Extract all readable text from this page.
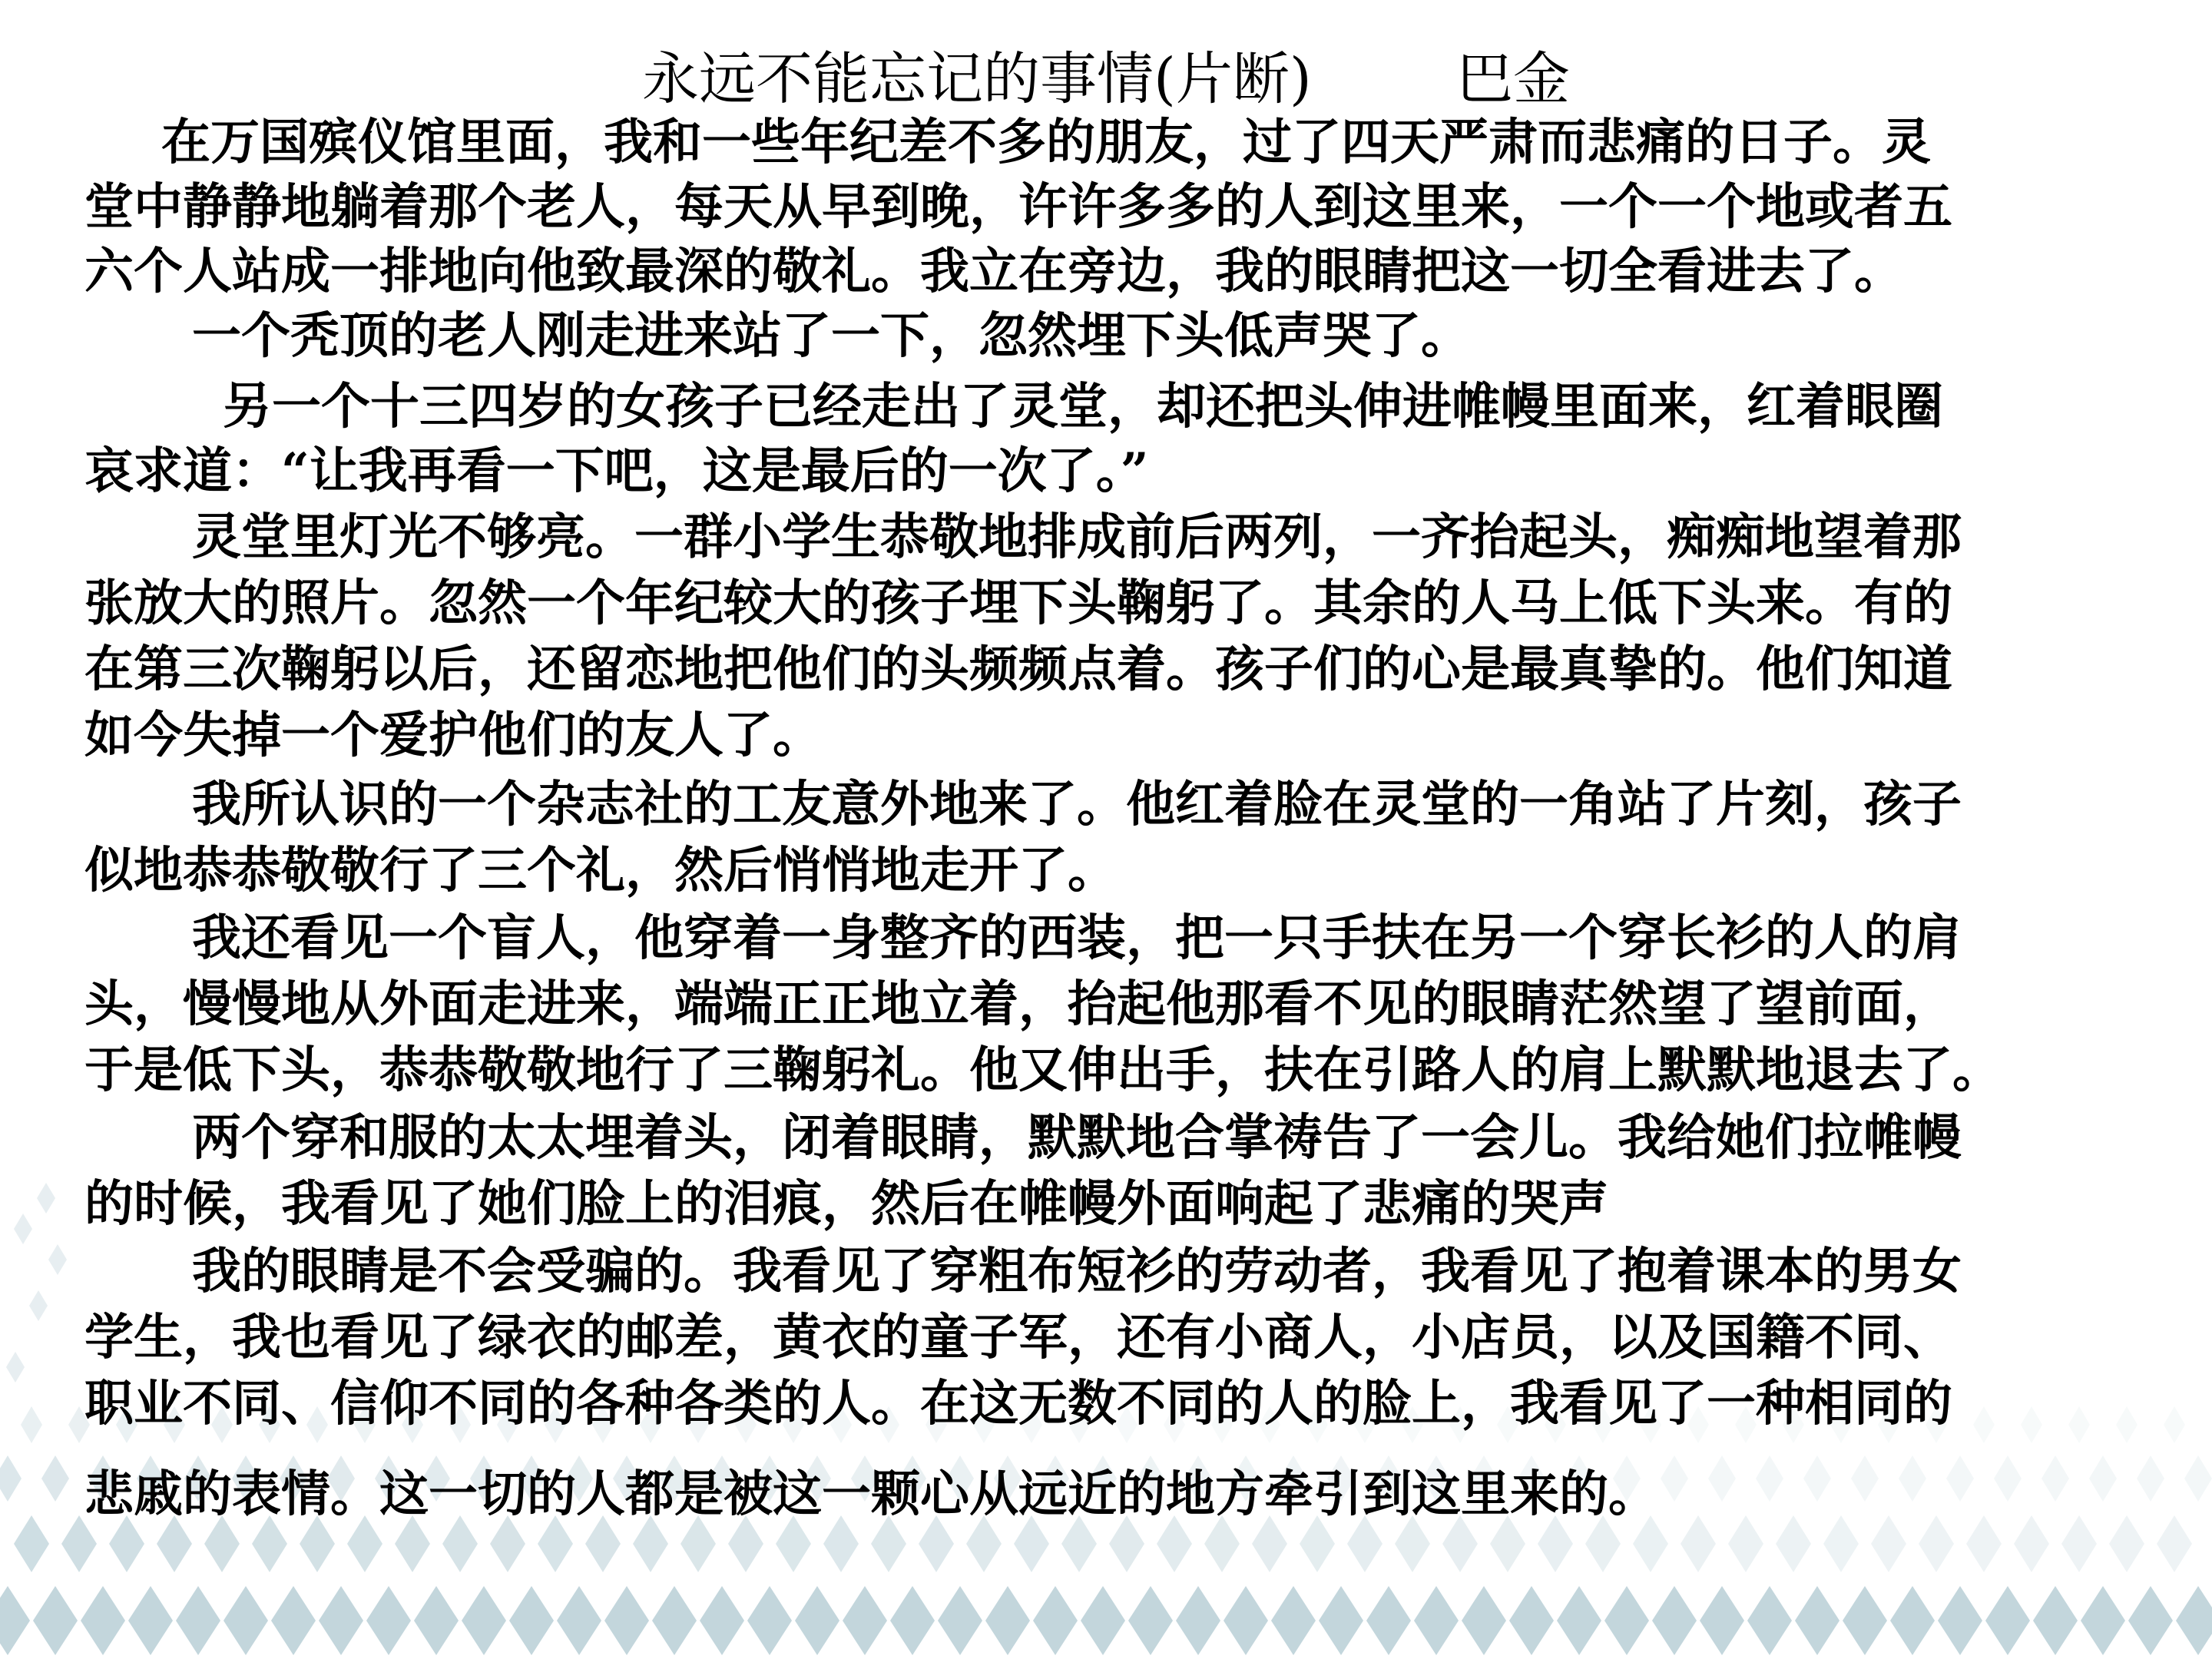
永远不能忘记的事情(片断)        巴金
在万国殡仪馆里面，我和一些年纪差不多的朋友，过了四天严肃而悲痛的日子。灵
堂中静静地躺着那个老人，每天从早到晚，许许多多的人到这里来，一个一个地或者五
六个人站成一排地向他致最深的敬礼。我立在旁边，我的眼睛把这一切全看进去了。
一个秃顶的老人刚走进来站了一下，忽然埋下头低声哭了。
另一个十三四岁的女孩子已经走出了灵堂，却还把头伸进帷幔里面来，红着眼圈
哀求道：“让我再看一下吧，这是最后的一次了。”
灵堂里灯光不够亮。一群小学生恭敬地排成前后两列，一齐抬起头，痴痴地望着那
张放大的照片。忽然一个年纪较大的孩子埋下头鞠躬了。其余的人马上低下头来。有的
在第三次鞠躬以后，还留恋地把他们的头频频点着。孩子们的心是最真挚的。他们知道
如今失掉一个爱护他们的友人了。
我所认识的一个杂志社的工友意外地来了。他红着脸在灵堂的一角站了片刻，孩子
似地恭恭敬敬行了三个礼，然后悄悄地走开了。
我还看见一个盲人，他穿着一身整齐的西装，把一只手扶在另一个穿长衫的人的肩
头，慢慢地从外面走进来，端端正正地立着，抬起他那看不见的眼睛茫然望了望前面，
于是低下头，恭恭敬敬地行了三鞠躬礼。他又伸出手，扶在引路人的肩上默默地退去了。
两个穿和服的太太埋着头，闭着眼睛，默默地合掌祷告了一会儿。我给她们拉帷幔
的时候，我看见了她们脸上的泪痕，然后在帷幔外面响起了悲痛的哭声
我的眼睛是不会受骗的。我看见了穿粗布短衫的劳动者，我看见了抱着课本的男女
学生，我也看见了绿衣的邮差，黄衣的童子军，还有小商人，小店员，以及国籍不同、
职业不同、信仰不同的各种各类的人。在这无数不同的人的脸上，我看见了一种相同的
悲戚的表情。这一切的人都是被这一颗心从远近的地方牵引到这里来的。
